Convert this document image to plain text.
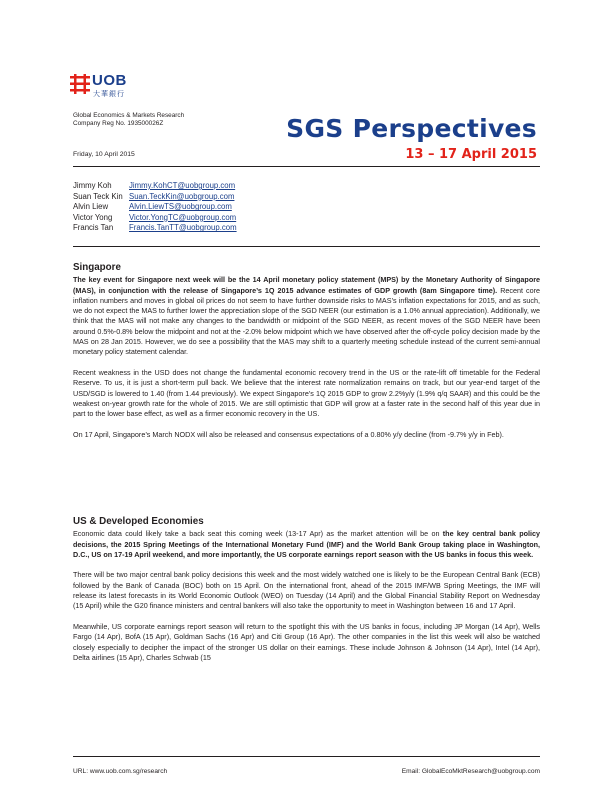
UOB
大華銀行
Global Economics & Markets Research
Company Reg No. 193500026Z	SGS Perspectives
13 – 17 April 2015
Friday, 10 April 2015
Jimmy Koh	Jimmy.KohCT@uobgroup.com
Suan Teck Kin Suan.TeckKin@uobgroup.com
Alvin Liew	Alvin.LiewTS@uobgroup.com
Victor Yong	Victor.YongTC@uobgroup.com
Francis Tan	Francis.TanTT@uobgroup.com
Singapore

The key event for Singapore next week will be the 14 April monetary policy statement (MPS) by the Monetary Authority of Singapore (MAS), in conjunction with the release of Singapore’s 1Q 2015 advance estimates of GDP growth (8am Singapore time). Recent core inflation numbers and moves in global oil prices do not seem to have further downside risks to MAS’s inflation expectations for 2015, and as such, we do not expect the MAS to further lower the appreciation slope of the SGD NEER (our estimation is a 1.0% annual appreciation). Additionally, we think that the MAS will not make any changes to the bandwidth or midpoint of the SGD NEER, as recent moves of the SGD NEER have been around 0.5%-0.8% below the midpoint and not at the -2.0% below midpoint which we have observed after the off-cycle policy decision made by the MAS on 28 Jan 2015. However, we do see a possibility that the MAS may shift to a quarterly meeting schedule instead of the current semi-annual monetary policy statement calendar.

Recent weakness in the USD does not change the fundamental economic recovery trend in the US or the rate-lift off timetable for the Federal Reserve. To us, it is just a short-term pull back. We believe that the interest rate normalization remains on track, but our year-end target of the USD/SGD is lowered to 1.40 (from 1.44 previously). We expect Singapore’s 1Q 2015 GDP to grow 2.2%y/y (1.9% q/q SAAR) and this could be the weakest on-year growth rate for the whole of 2015. We are still optimistic that GDP will grow at a faster rate in the second half of this year due in part to the lower base effect, as well as a firmer economic recovery in the US.

On 17 April, Singapore’s March NODX will also be released and consensus expectations of a 0.80% y/y decline (from -9.7% y/y in Feb).

US & Developed Economies

Economic data could likely take a back seat this coming week (13-17 Apr) as the market attention will be on the key central bank policy decisions, the 2015 Spring Meetings of the International Monetary Fund (IMF) and the World Bank Group taking place in Washington, D.C., US on 17-19 April weekend, and more importantly, the US corporate earnings report season with the US banks in focus this week.

There will be two major central bank policy decisions this week and the most widely watched one is likely to be the European Central Bank (ECB) followed by the Bank of Canada (BOC) both on 15 April. On the international front, ahead of the 2015 IMF/WB Spring Meetings, the IMF will release its latest forecasts in its World Economic Outlook (WEO) on Tuesday (14 April) and the Global Financial Stability Report on Wednesday (15 April) while the G20 finance ministers and central bankers will also take the opportunity to meet in Washington between 16 and 17 April.

Meanwhile, US corporate earnings report season will return to the spotlight this with the US banks in focus, including JP Morgan (14 Apr), Wells Fargo (14 Apr), BofA (15 Apr), Goldman Sachs (16 Apr) and Citi Group (16 Apr). The other companies in the list this week will also be watched closely especially to decipher the impact of the stronger US dollar on their earnings. These include Johnson & Johnson (14 Apr), Intel (14 Apr), Delta airlines (15 Apr), Charles Schwab (15

URL: www.uob.com.sg/research	Email: GlobalEcoMktResearch@uobgroup.com
